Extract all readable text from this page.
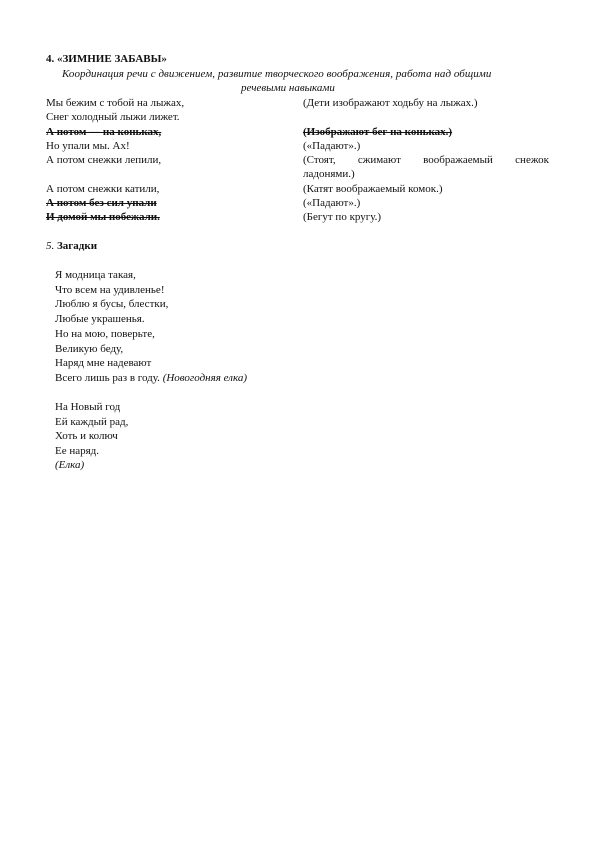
4. «ЗИМНИЕ ЗАБАВЫ»
Координация речи с движением, развитие творческого воображения, работа над общими
речевыми навыками
Мы бежим с тобой на лыжах,	(Дети изображают ходьбу на лыжах.)
Снег холодный лыжи лижет.
А потом — на коньках,	(Изображают бег на коньках.)
Но упали мы. Ах!	(«Падают».)
А потом снежки лепили,	(Стоят, сжимают воображаемый снежок
ладонями.)
А потом снежки катили,	(Катят воображаемый комок.)
А потом без сил упали	(«Падают».)
И домой мы побежали.	(Бегут по кругу.)
5. Загадки
Я модница такая,
Что всем на удивленье!
Люблю я бусы, блестки,
Любые украшенья.
Но на мою, поверьте,
Великую беду,
Наряд мне надевают
Всего лишь раз в году. (Новогодняя елка)
На Новый год
Ей каждый рад,
Хоть и колюч
Ее наряд.
(Елка)
